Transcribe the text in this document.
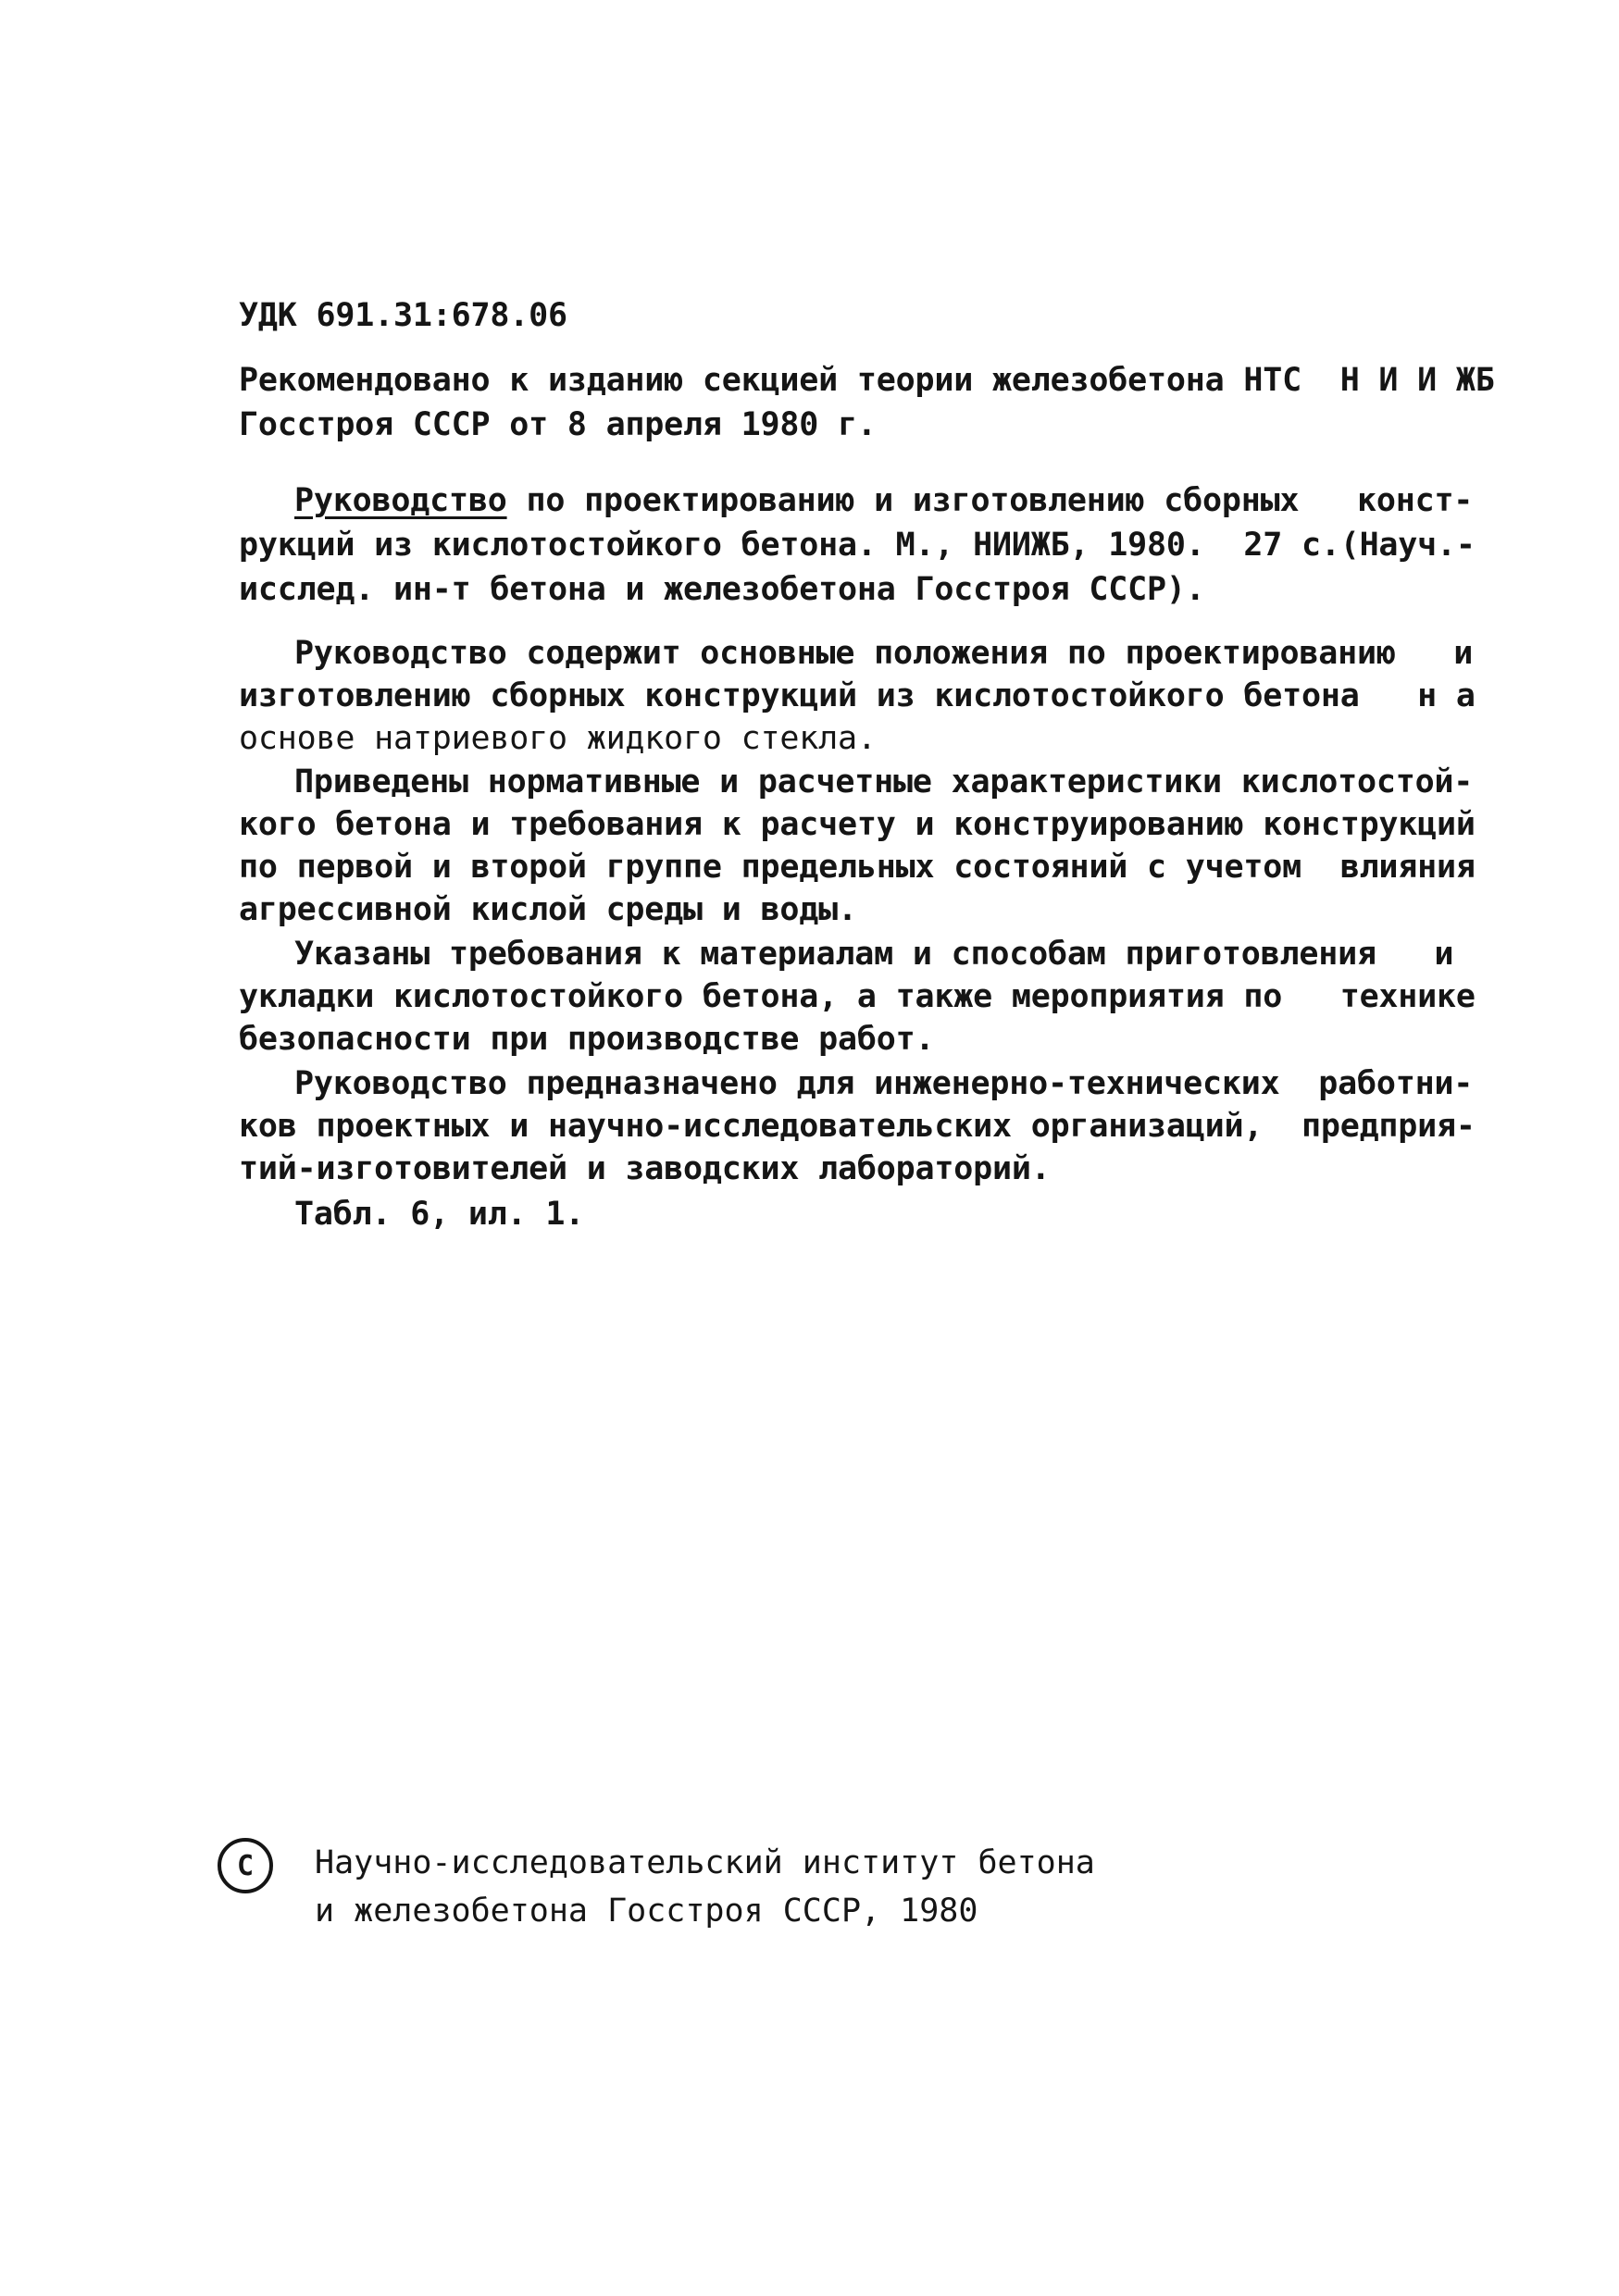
УДК 691.31:678.06
Рекомендовано к изданию секцией теории железобетона НТС  Н И И ЖБ
Госстроя СССР от 8 апреля 1980 г.
Руководство по проектированию и изготовлению сборных   конст-
рукций из кислотостойкого бетона. М., НИИЖБ, 1980.  27 с.(Науч.-
исслед. ин-т бетона и железобетона Госстроя СССР).
Руководство содержит основные положения по проектированию   и
изготовлению сборных конструкций из кислотостойкого бетона   н а
основе натриевого жидкого стекла.
Приведены нормативные и расчетные характеристики кислотостой-
кого бетона и требования к расчету и конструированию конструкций
по первой и второй группе предельных состояний с учетом  влияния
агрессивной кислой среды и воды.
Указаны требования к материалам и способам приготовления   и
укладки кислотостойкого бетона, а также мероприятия по   технике
безопасности при производстве работ.
Руководство предназначено для инженерно-технических  работни-
ков проектных и научно-исследовательских организаций,  предприя-
тий-изготовителей и заводских лабораторий.
Табл. 6, ил. 1.
C Научно-исследовательский институт бетона
и железобетона Госстроя СССР, 1980
